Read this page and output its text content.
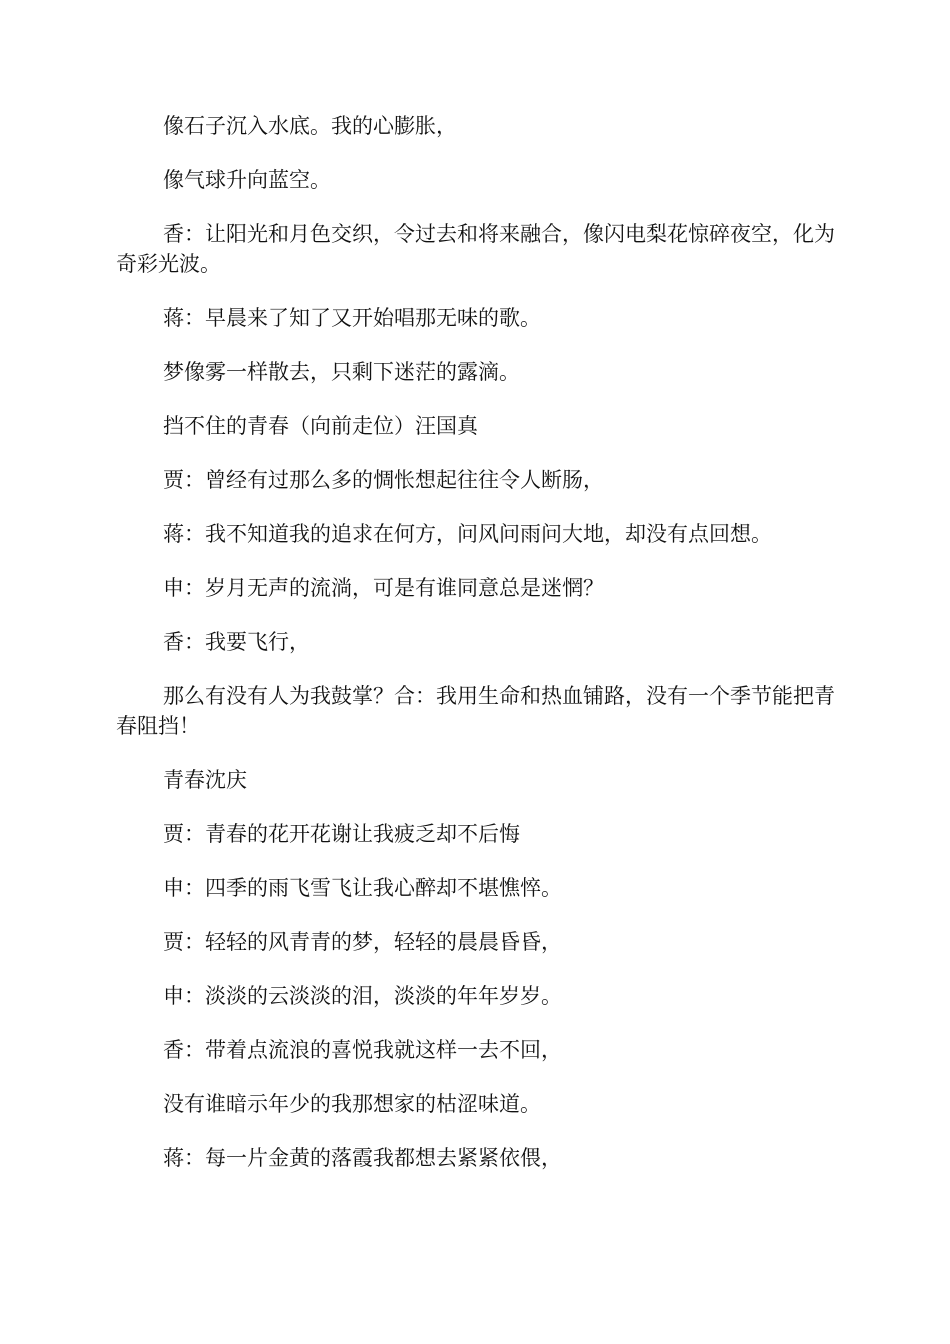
像石子沉入水底。我的心膨胀，

像气球升向蓝空。

香：让阳光和月色交织，令过去和将来融合，像闪电梨花惊碎夜空，化为奇彩光波。

蒋：早晨来了知了又开始唱那无味的歌。

梦像雾一样散去，只剩下迷茫的露滴。

挡不住的青春（向前走位）汪国真

贾：曾经有过那么多的惆怅想起往往令人断肠，

蒋：我不知道我的追求在何方，问风问雨问大地，却没有点回想。

申：岁月无声的流淌，可是有谁同意总是迷惘？

香：我要飞行，

那么有没有人为我鼓掌？合：我用生命和热血铺路，没有一个季节能把青春阻挡！

青春沈庆

贾：青春的花开花谢让我疲乏却不后悔

申：四季的雨飞雪飞让我心醉却不堪憔悴。

贾：轻轻的风青青的梦，轻轻的晨晨昏昏，

申：淡淡的云淡淡的泪，淡淡的年年岁岁。

香：带着点流浪的喜悦我就这样一去不回，

没有谁暗示年少的我那想家的枯涩味道。

蒋：每一片金黄的落霞我都想去紧紧依偎，
